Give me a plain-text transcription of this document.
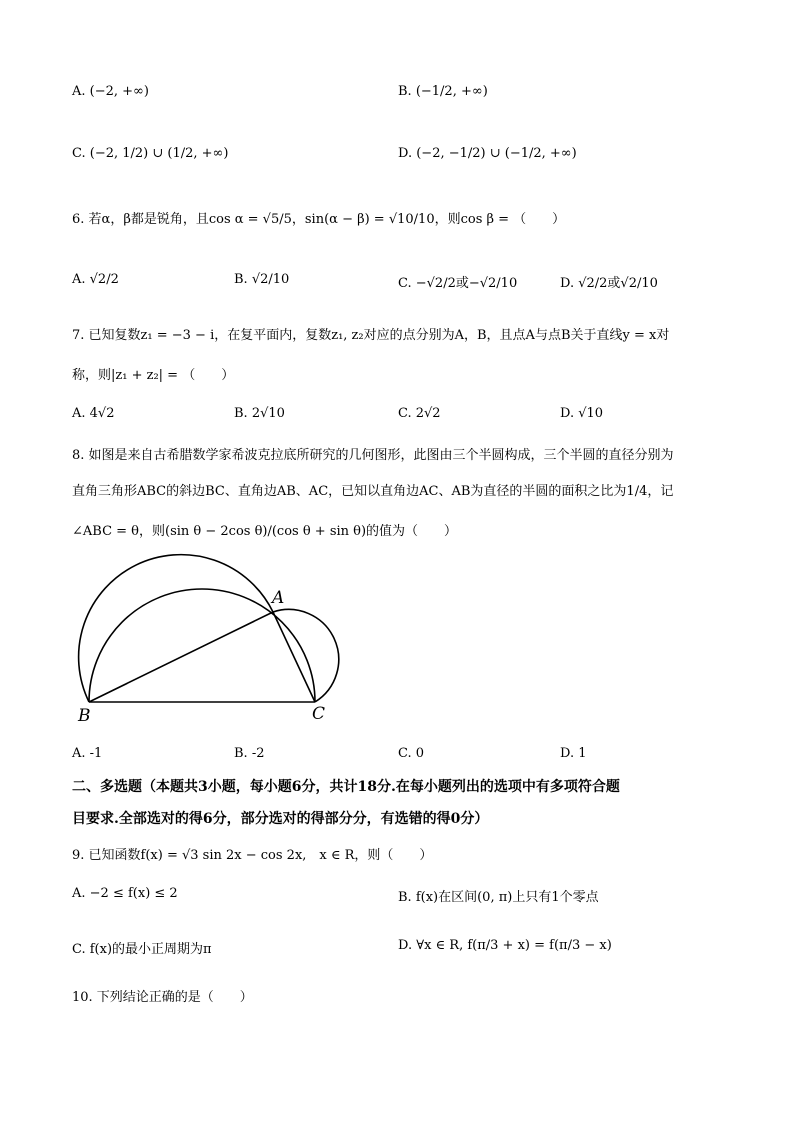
A. (−2, +∞)	B. (−1/2, +∞)
C. (−2, 1/2) ∪ (1/2, +∞)	D. (−2, −1/2) ∪ (−1/2, +∞)
6. 若α，β都是锐角，且cos α = √5/5，sin(α − β) = √10/10，则cos β = （　　）
A. √2/2	B. √2/10	C. −√2/2或−√2/10	D. √2/2或√2/10
7. 已知复数z₁ = −3 − i，在复平面内，复数z₁, z₂对应的点分别为A，B，且点A与点B关于直线y = x对
称，则|z₁ + z₂| = （　　）
A. 4√2	B. 2√10	C. 2√2	D. √10
8. 如图是来自古希腊数学家希波克拉底所研究的几何图形，此图由三个半圆构成，三个半圆的直径分别为
直角三角形ABC的斜边BC、直角边AB、AC，已知以直角边AC、AB为直径的半圆的面积之比为1/4，记
∠ABC = θ，则(sin θ − 2cos θ)/(cos θ + sin θ)的值为（　　）
A
B	C
A. -1	B. -2	C. 0	D. 1
二、多选题（本题共3小题，每小题6分，共计18分.在每小题列出的选项中有多项符合题
目要求.全部选对的得6分，部分选对的得部分分，有选错的得0分）
9. 已知函数f(x) = √3 sin 2x − cos 2x,　x ∈ R，则（　　）
A. −2 ≤ f(x) ≤ 2	B. f(x)在区间(0, π)上只有1个零点
C. f(x)的最小正周期为π	D. ∀x ∈ R, f(π/3 + x) = f(π/3 − x)
10. 下列结论正确的是（　　）
